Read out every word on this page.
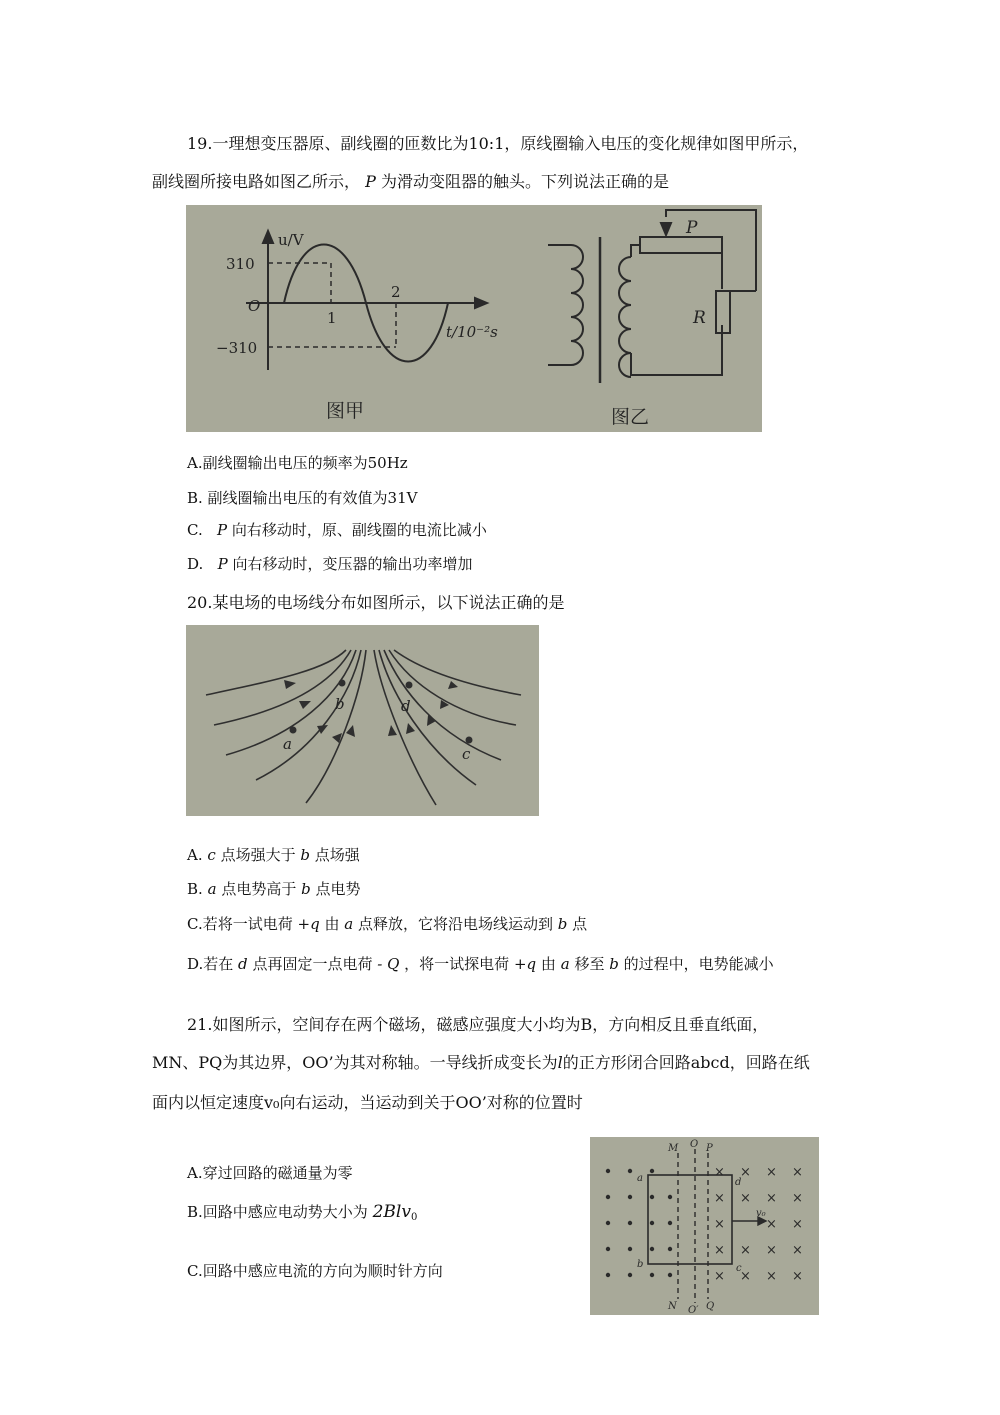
19.一理想变压器原、副线圈的匝数比为10:1，原线圈输入电压的变化规律如图甲所示，
副线圈所接电路如图乙所示， P 为滑动变阻器的触头。下列说法正确的是
u/V
t/10⁻²s
310
−310
O
1
2
P
R
图甲	图乙
A.副线圈输出电压的频率为50Hz
B. 副线圈输出电压的有效值为31V
C. P 向右移动时，原、副线圈的电流比减小
D. P 向右移动时，变压器的输出功率增加
20.某电场的电场线分布如图所示，以下说法正确的是
a
b	d
c
A. c 点场强大于 b 点场强
B. a 点电势高于 b 点电势
C.若将一试电荷 +q 由 a 点释放，它将沿电场线运动到 b 点
D.若在 d 点再固定一点电荷 - Q ，将一试探电荷 +q 由 a 移至 b 的过程中，电势能减小
21.如图所示，空间存在两个磁场，磁感应强度大小均为B，方向相反且垂直纸面，
MN、PQ为其边界，OO’为其对称轴。一导线折成变长为l的正方形闭合回路abcd，回路在纸
面内以恒定速度v₀向右运动，当运动到关于OO’对称的位置时
A.穿过回路的磁通量为零
B.回路中感应电动势大小为 2Blv$_0$
C.回路中感应电流的方向为顺时针方向
× × × ×
× × × ×
×	× ×
× × × ×
× × × ×
M O P
N O′ Q
a
b	c
d
v₀
